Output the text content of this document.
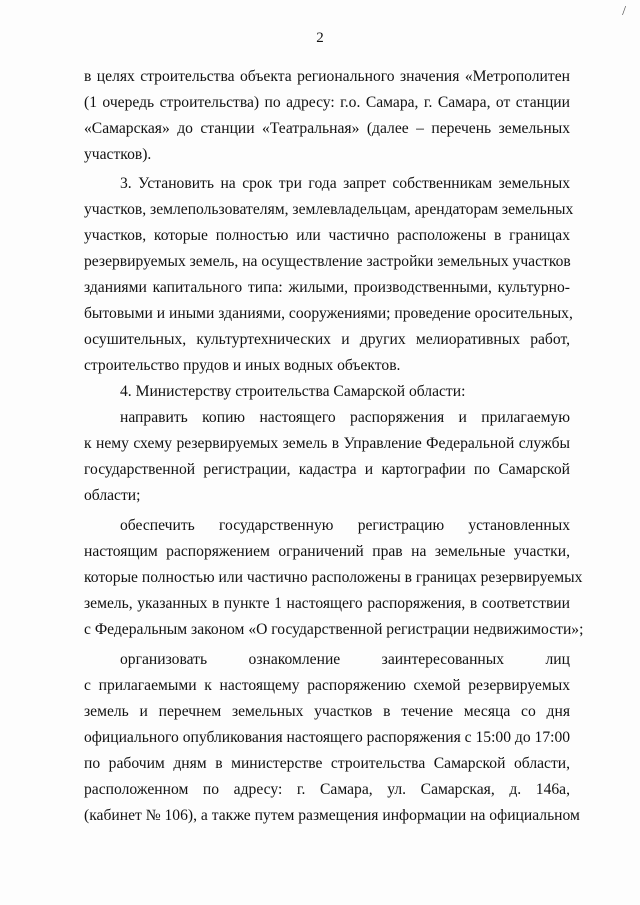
/
2
в целях строительства объекта регионального значения «Метрополитен
(1 очередь строительства) по адресу: г.о. Самара, г. Самара, от станции
«Самарская» до станции «Театральная» (далее – перечень земельных
участков).
3. Установить на срок три года запрет собственникам земельных
участков, землепользователям, землевладельцам, арендаторам земельных
участков, которые полностью или частично расположены в границах
резервируемых земель, на осуществление застройки земельных участков
зданиями капитального типа: жилыми, производственными, культурно-
бытовыми и иными зданиями, сооружениями; проведение оросительных,
осушительных, культуртехнических и других мелиоративных работ,
строительство прудов и иных водных объектов.
4. Министерству строительства Самарской области:
направить копию настоящего распоряжения и прилагаемую
к нему схему резервируемых земель в Управление Федеральной службы
государственной регистрации, кадастра и картографии по Самарской
области;
обеспечить государственную регистрацию установленных
настоящим распоряжением ограничений прав на земельные участки,
которые полностью или частично расположены в границах резервируемых
земель, указанных в пункте 1 настоящего распоряжения, в соответствии
с Федеральным законом «О государственной регистрации недвижимости»;
организовать ознакомление заинтересованных лиц
с прилагаемыми к настоящему распоряжению схемой резервируемых
земель и перечнем земельных участков в течение месяца со дня
официального опубликования настоящего распоряжения с 15:00 до 17:00
по рабочим дням в министерстве строительства Самарской области,
расположенном по адресу: г. Самара, ул. Самарская, д. 146а,
(кабинет № 106), а также путем размещения информации на официальном
